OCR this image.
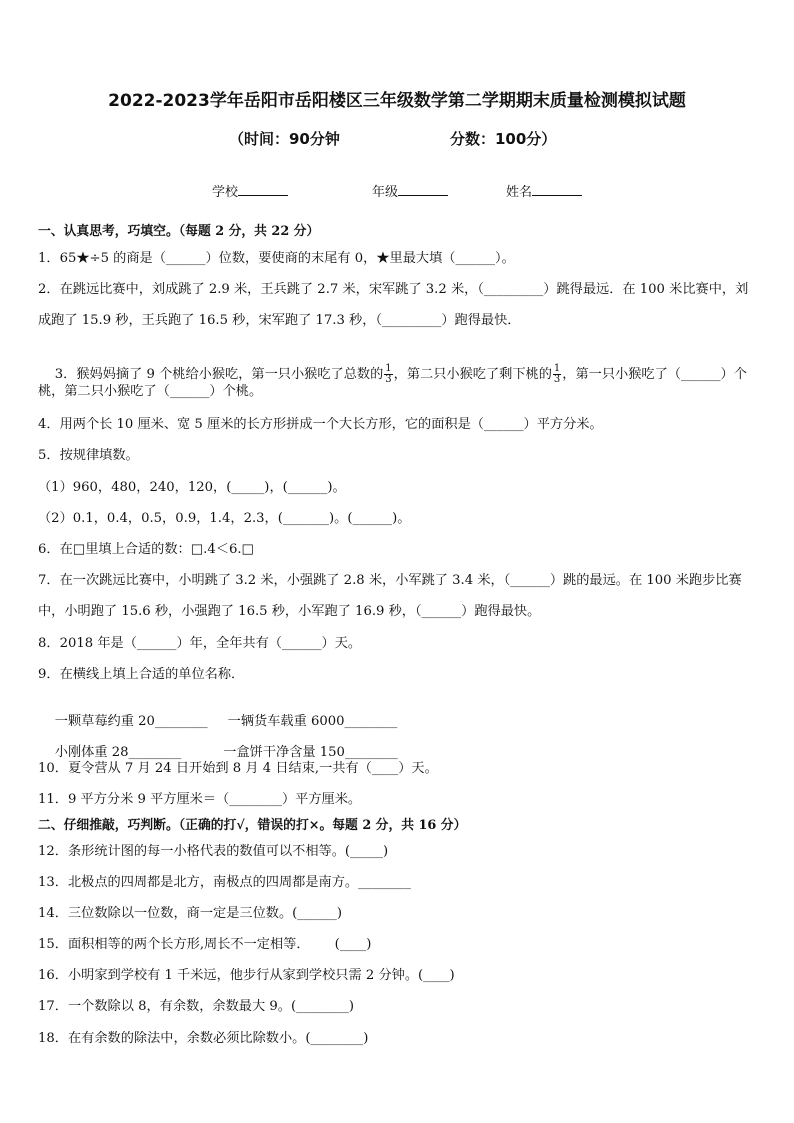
2022-2023学年岳阳市岳阳楼区三年级数学第二学期期末质量检测模拟试题
（时间：90分钟	分数：100分）
学校	年级	姓名
一、认真思考，巧填空。（每题 2 分，共 22 分）
1．65★÷5 的商是（______）位数，要使商的末尾有 0，★里最大填（______）。
2．在跳远比赛中，刘成跳了 2.9 米，王兵跳了 2.7 米，宋军跳了 3.2 米，（_________）跳得最远．在 100 米比赛中，刘
成跑了 15.9 秒，王兵跑了 16.5 秒，宋军跑了 17.3 秒，（_________）跑得最快．

3．猴妈妈摘了 9 个桃给小猴吃，第一只小猴吃了总数的 $\frac{1}{3}$ ，第二只小猴吃了剩下桃的 $\frac{1}{3}$ ，第一只小猴吃了（______）个

桃，第二只小猴吃了（______）个桃。
4．用两个长 10 厘米、宽 5 厘米的长方形拼成一个大长方形，它的面积是（______）平方分米。
5．按规律填数。
（1）960，480，240，120，(_____)，(______)。
（2）0.1，0.4，0.5，0.9，1.4，2.3，(_______)。(______)。
6．在□里填上合适的数：□.4＜6.□
7．在一次跳远比赛中，小明跳了 3.2 米，小强跳了 2.8 米，小军跳了 3.4 米，（______）跳的最远。在 100 米跑步比赛
中，小明跑了 15.6 秒，小强跑了 16.5 秒，小军跑了 16.9 秒，（______）跑得最快。
8．2018 年是（______）年，全年共有（______）天。
9．在横线上填上合适的单位名称．

一颗草莓约重 20________ 一辆货车载重 6000________

小刚体重 28________	一盒饼干净含量 150________

10．夏令营从 7 月 24 日开始到 8 月 4 日结束,一共有（____）天。
11．9 平方分米 9 平方厘米＝（________）平方厘米。
二、仔细推敲，巧判断。（正确的打√，错误的打×。每题 2 分，共 16 分）
12．条形统计图的每一小格代表的数值可以不相等。(_____)
13．北极点的四周都是北方，南极点的四周都是南方。________
14．三位数除以一位数，商一定是三位数。(______)
15．面积相等的两个长方形,周长不一定相等．      (____)
16．小明家到学校有 1 千米远，他步行从家到学校只需 2 分钟。(____)
17．一个数除以 8，有余数，余数最大 9。(________)
18．在有余数的除法中，余数必须比除数小。(________)
